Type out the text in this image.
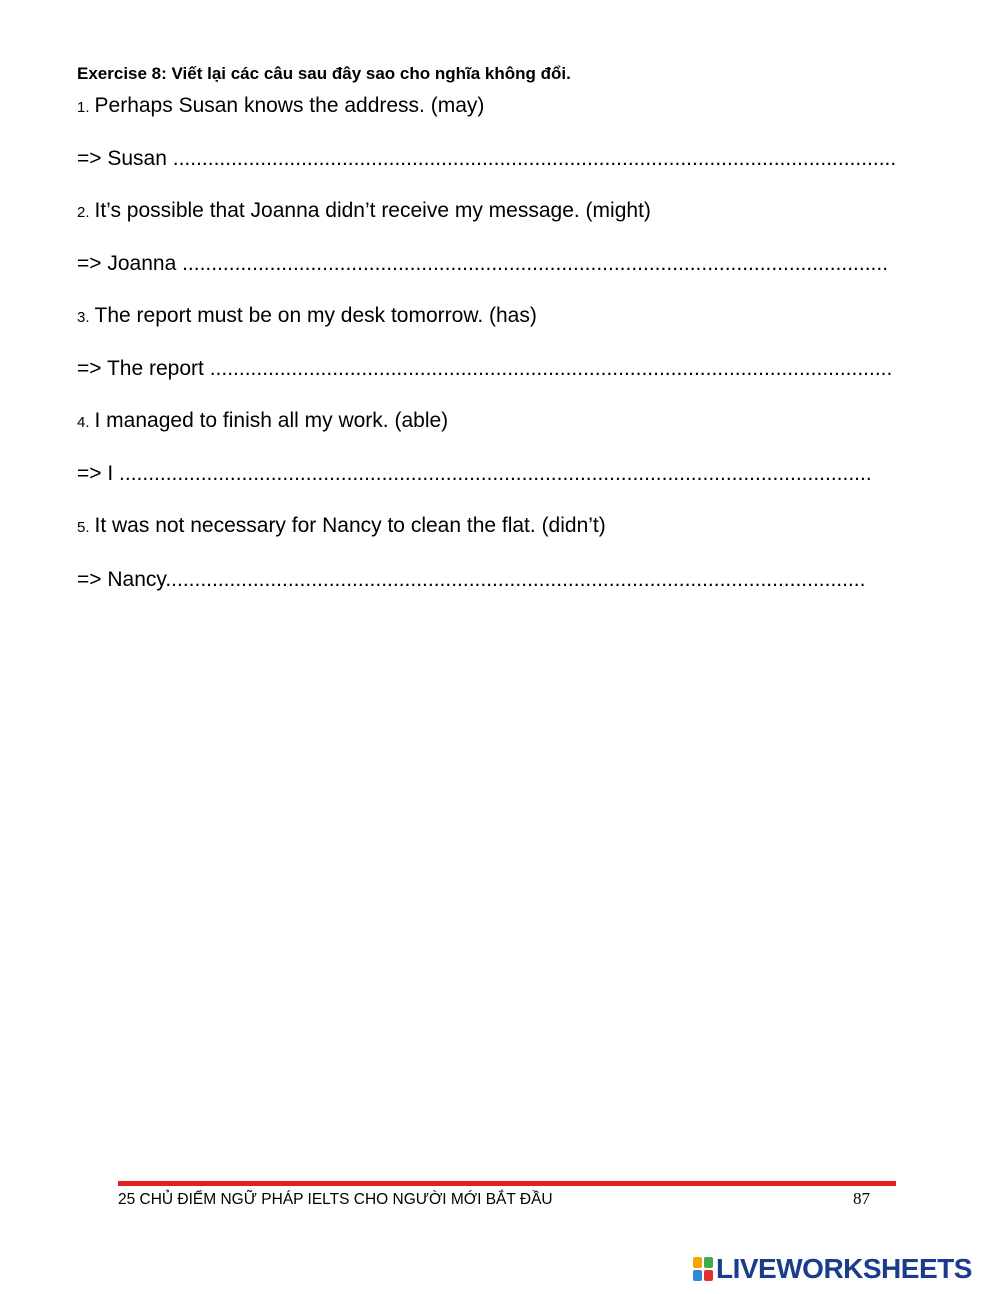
Exercise 8: Viết lại các câu sau đây sao cho nghĩa không đổi.
1. Perhaps Susan knows the address. (may)
=> Susan ............................................................................................................................
2. It’s possible that Joanna didn’t receive my message. (might)
=> Joanna .........................................................................................................................
3. The report must be on my desk tomorrow. (has)
=> The report .....................................................................................................................
4. I managed to finish all my work. (able)
=> I .................................................................................................................................
5. It was not necessary for Nancy to clean the flat. (didn’t)
=> Nancy........................................................................................................................
25 CHỦ ĐIỂM NGỮ PHÁP IELTS CHO NGƯỜI MỚI BẮT ĐẦU	87
LIVEWORKSHEETS
